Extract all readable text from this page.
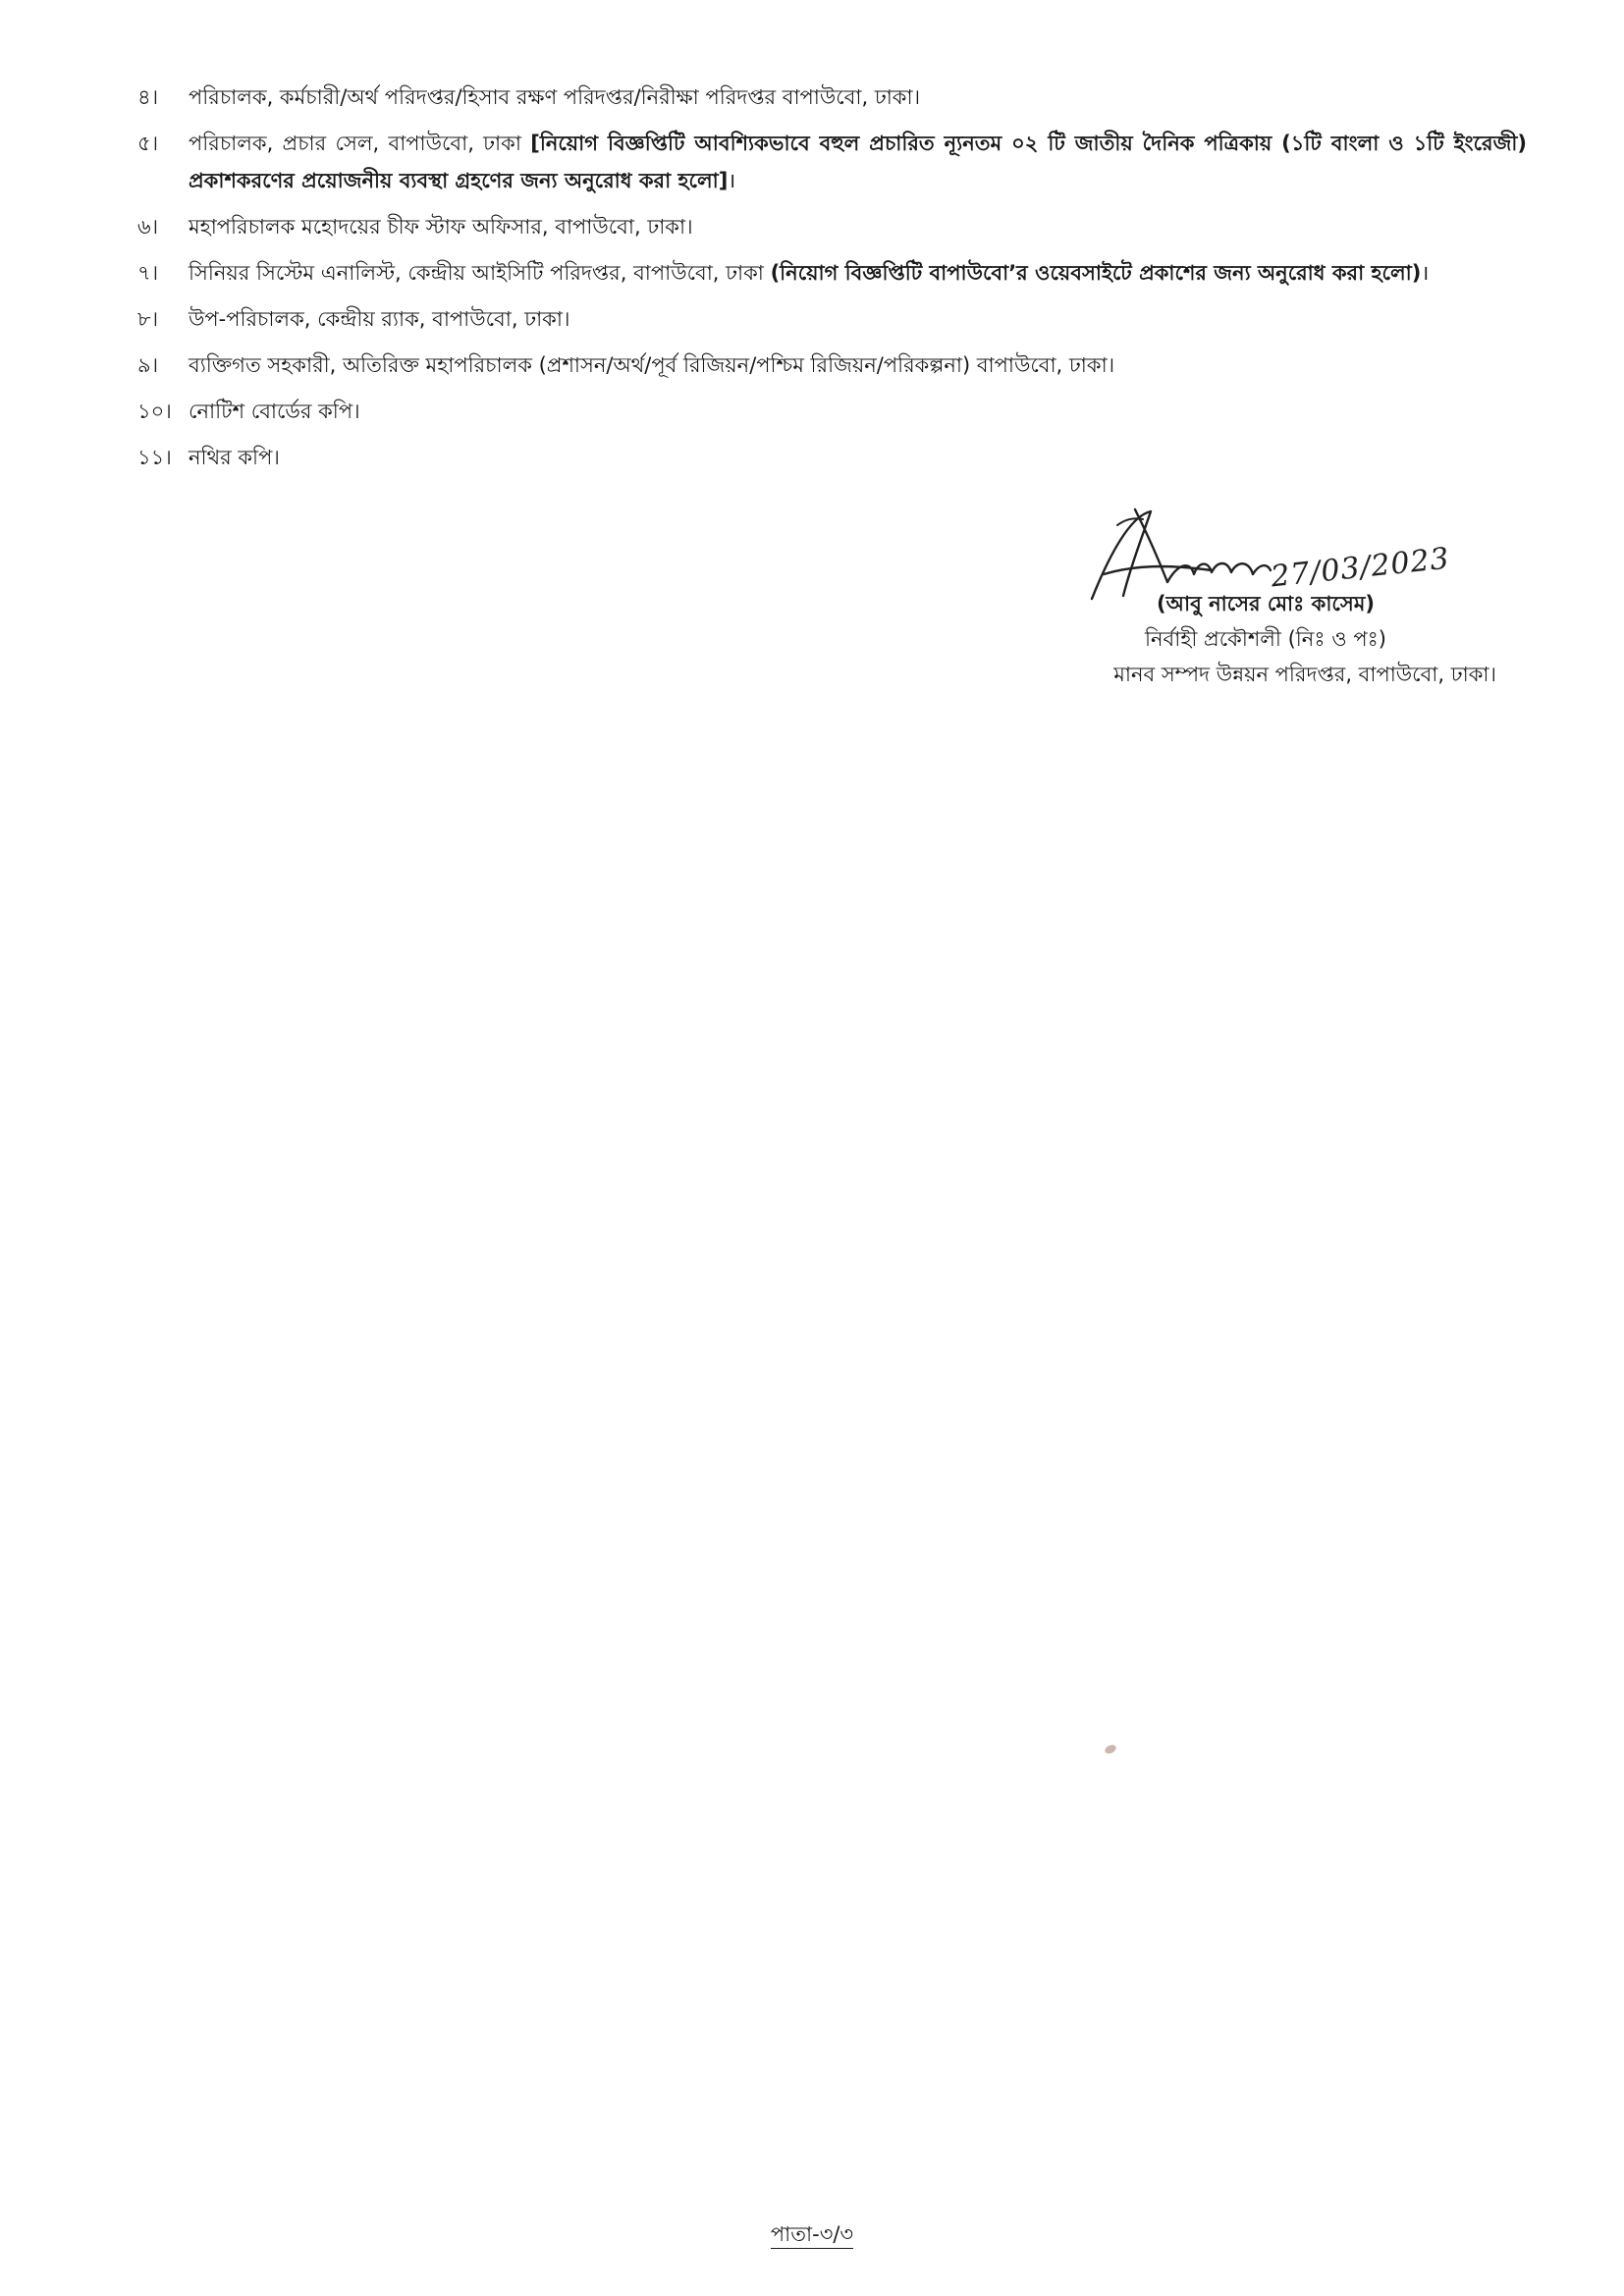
৪।	পরিচালক, কর্মচারী/অর্থ পরিদপ্তর/হিসাব রক্ষণ পরিদপ্তর/নিরীক্ষা পরিদপ্তর বাপাউবো, ঢাকা।
৫।	পরিচালক, প্রচার সেল, বাপাউবো, ঢাকা [নিয়োগ বিজ্ঞপ্তিটি আবশ্যিকভাবে বহুল প্রচারিত ন্যূনতম ০২ টি জাতীয় দৈনিক পত্রিকায় (১টি বাংলা ও ১টি ইংরেজী) প্রকাশকরণের প্রয়োজনীয় ব্যবস্থা গ্রহণের জন্য অনুরোধ করা হলো]।
৬।	মহাপরিচালক মহোদয়ের চীফ স্টাফ অফিসার, বাপাউবো, ঢাকা।
৭।	সিনিয়র সিস্টেম এনালিস্ট, কেন্দ্রীয় আইসিটি পরিদপ্তর, বাপাউবো, ঢাকা (নিয়োগ বিজ্ঞপ্তিটি বাপাউবো’র ওয়েবসাইটে প্রকাশের জন্য অনুরোধ করা হলো)।
৮।	উপ-পরিচালক, কেন্দ্রীয় র‍্যাক, বাপাউবো, ঢাকা।
৯।	ব্যক্তিগত সহকারী, অতিরিক্ত মহাপরিচালক (প্রশাসন/অর্থ/পূর্ব রিজিয়ন/পশ্চিম রিজিয়ন/পরিকল্পনা) বাপাউবো, ঢাকা।
১০। নোটিশ বোর্ডের কপি।
১১। নথির কপি।
27/03/2023
(আবু নাসের মোঃ কাসেম)
নির্বাহী প্রকৌশলী (নিঃ ও পঃ)
মানব সম্পদ উন্নয়ন পরিদপ্তর, বাপাউবো, ঢাকা।
পাতা-৩/৩
